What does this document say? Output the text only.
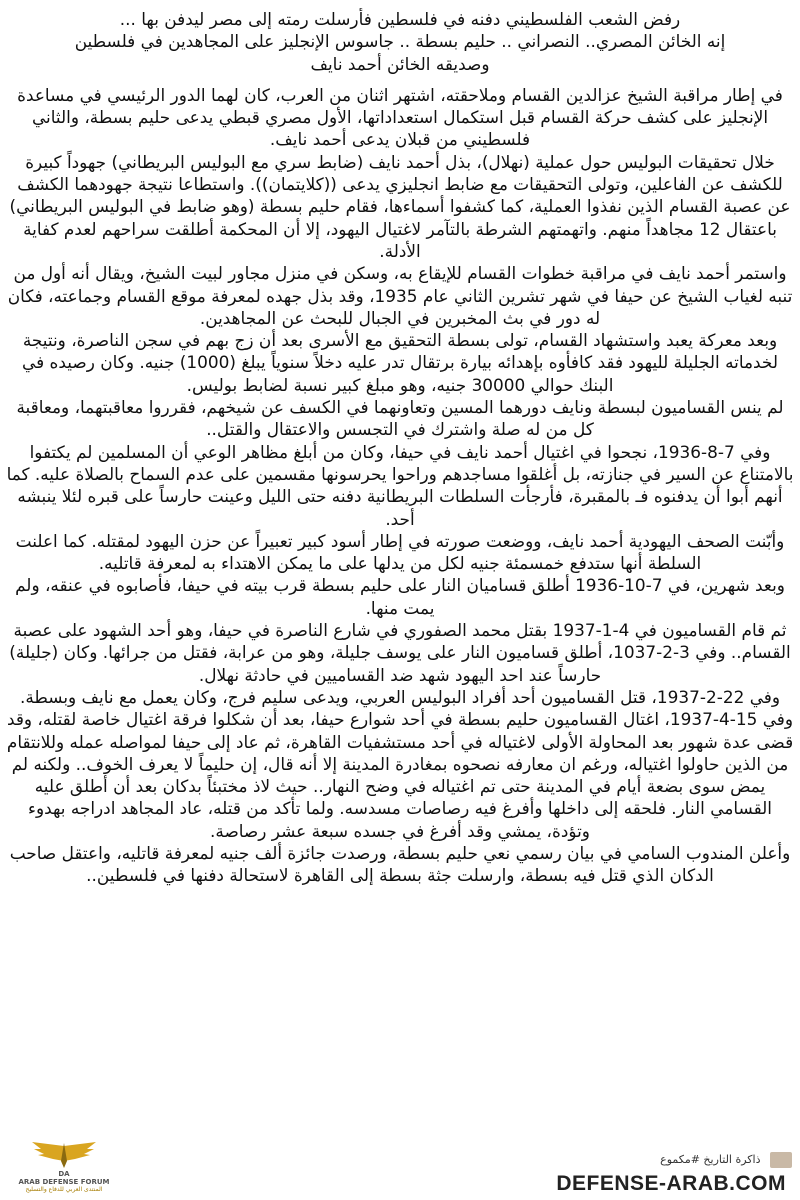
رفض الشعب الفلسطيني دفنه في فلسطين فأرسلت رمته إلى مصر ليدفن بها ...
إنه الخائن المصري.. النصراني .. حليم بسطة .. جاسوس الإنجليز على المجاهدين في فلسطين
وصديقه الخائن أحمد نايف

في إطار مراقبة الشيخ عزالدين القسام وملاحقته، اشتهر اثنان من العرب، كان لهما الدور الرئيسي في مساعدة الإنجليز على كشف حركة القسام قبل استكمال استعداداتها، الأول مصري قبطي يدعى حليم بسطة، والثاني فلسطيني من قبلان يدعى أحمد نايف.

خلال تحقيقات البوليس حول عملية (نهلال)، بذل أحمد نايف (ضابط سري مع البوليس البريطاني) جهوداً كبيرة للكشف عن الفاعلين، وتولى التحقيقات مع ضابط انجليزي يدعى ((كلايتمان)). واستطاعا نتيجة جهودهما الكشف عن عصبة القسام الذين نفذوا العملية، كما كشفوا أسماءها، فقام حليم بسطة (وهو ضابط في البوليس البريطاني) باعتقال 12 مجاهداً منهم. واتهمتهم الشرطة بالتآمر لاغتيال اليهود، إلا أن المحكمة أطلقت سراحهم لعدم كفاية الأدلة.

واستمر أحمد نايف في مراقبة خطوات القسام للإيقاع به، وسكن في منزل مجاور لبيت الشيخ، ويقال أنه أول من تنبه لغياب الشيخ عن حيفا في شهر تشرين الثاني عام 1935، وقد بذل جهده لمعرفة موقع القسام وجماعته، فكان له دور في بث المخبرين في الجبال للبحث عن المجاهدين.

وبعد معركة يعبد واستشهاد القسام، تولى بسطة التحقيق مع الأسرى بعد أن زج بهم في سجن الناصرة، ونتيجة لخدماته الجليلة لليهود فقد كافأوه بإهدائه بيارة برتقال تدر عليه دخلاً سنوياً يبلغ (1000) جنيه. وكان رصيده في البنك حوالي 30000 جنيه، وهو مبلغ كبير نسبة لضابط بوليس.

لم ينس القساميون لبسطة ونايف دورهما المسين وتعاونهما في الكسف عن شيخهم، فقرروا معاقبتهما، ومعاقبة كل من له صلة واشترك في التجسس والاعتقال والقتل..

وفي 7-8-1936، نجحوا في اغتيال أحمد نايف في حيفا، وكان من أبلغ مظاهر الوعي أن المسلمين لم يكتفوا بالامتناع عن السير في جنازته، بل أغلقوا مساجدهم وراحوا يحرسونها مقسمين على عدم السماح بالصلاة عليه. كما أنهم أبوا أن يدفنوه فـ بالمقبرة، فأرجأت السلطات البريطانية دفنه حتى الليل وعينت حارساً على قبره لئلا ينبشه أحد.

وأبّنت الصحف اليهودية أحمد نايف، ووضعت صورته في إطار أسود كبير تعبيراً عن حزن اليهود لمقتله. كما اعلنت السلطة أنها ستدفع خمسمئة جنيه لكل من يدلها على ما يمكن الاهتداء به لمعرفة قاتليه.

وبعد شهرين، في 7-10-1936 أطلق قساميان النار على حليم بسطة قرب بيته في حيفا، فأصابوه في عنقه، ولم يمت منها.

ثم قام القساميون في 4-1-1937 بقتل محمد الصفوري في شارع الناصرة في حيفا، وهو أحد الشهود على عصبة القسام.. وفي 3-2-1037، أطلق قساميون النار على يوسف جليلة، وهو من عرابة، فقتل من جرائها. وكان (جليلة) حارساً عند احد اليهود شهد ضد القساميين في حادثة نهلال.

وفي 22-2-1937، قتل القساميون أحد أفراد البوليس العربي، ويدعى سليم فرج، وكان يعمل مع نايف وبسطة.

وفي 15-4-1937، اغتال القساميون حليم بسطة في أحد شوارع حيفا، بعد أن شكلوا فرقة اغتيال خاصة لقتله، وقد قضى عدة شهور بعد المحاولة الأولى لاغتياله في أحد مستشفيات القاهرة، ثم عاد إلى حيفا لمواصله عمله وللانتقام من الذين حاولوا اغتياله، ورغم ان معارفه نصحوه بمغادرة المدينة إلا أنه قال، إن حليماً لا يعرف الخوف.. ولكنه لم يمض سوى بضعة أيام في المدينة حتى تم اغتياله في وضح النهار.. حيث لاذ مختبئاً بدكان بعد أن أطلق عليه القسامي النار. فلحقه إلى داخلها وأفرغ فيه رصاصات مسدسه. ولما تأكد من قتله، عاد المجاهد ادراجه بهدوء وتؤدة، يمشي وقد أفرغ في جسده سبعة عشر رصاصة.

وأعلن المندوب السامي في بيان رسمي نعي حليم بسطة، ورصدت جائزة ألف جنيه لمعرفة قاتليه، واعتقل صاحب الدكان الذي قتل فيه بسطة، وارسلت جثة بسطة إلى القاهرة لاستحالة دفنها في فلسطين..

ذاكرة التاريخ #مكموع
DA
ARAB DEFENSE FORUM
المنتدى العربي للدفاع والتسليح	DEFENSE-ARAB.COM
